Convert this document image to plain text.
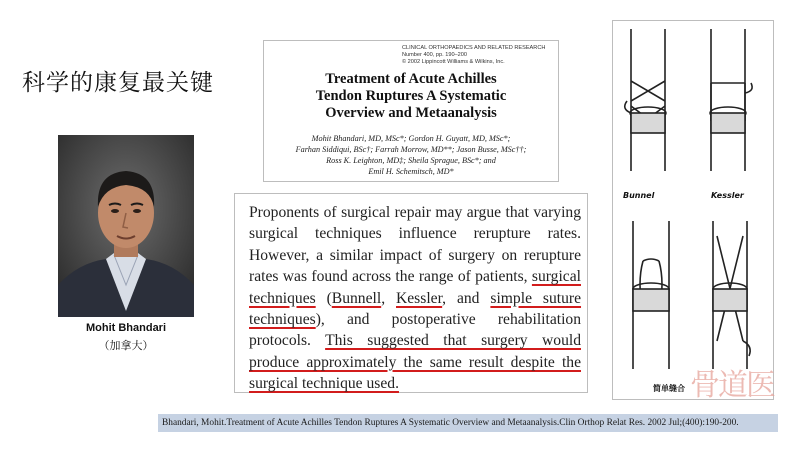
科学的康复最关键
Mohit Bhandari
（加拿大）
CLINICAL ORTHOPAEDICS AND RELATED RESEARCH
Number 400, pp. 190–200
© 2002 Lippincott Williams & Wilkins, Inc.
Treatment of Acute Achilles
Tendon Ruptures A Systematic
Overview and Metaanalysis
Mohit Bhandari, MD, MSc*; Gordon H. Guyatt, MD, MSc*;
Farhan Siddiqui, BSc†; Farrah Morrow, MD**; Jason Busse, MSc††;
Ross K. Leighton, MD‡; Sheila Sprague, BSc*; and
Emil H. Schemitsch, MD*
Proponents of surgical repair may argue that varying surgical techniques influence rerupture rates. However, a similar impact of surgery on rerupture rates was found across the range of patients, surgical techniques (Bunnell, Kessler, and simple suture techniques), and postoperative rehabilitation protocols. This suggested that surgery would produce approximately the same result despite the surgical technique used.
Bunnel	Kessler
简单缝合 骨道医
Bhandari, Mohit.Treatment of Acute Achilles Tendon Ruptures A Systematic Overview and Metaanalysis.Clin Orthop Relat Res. 2002 Jul;(400):190-200.
